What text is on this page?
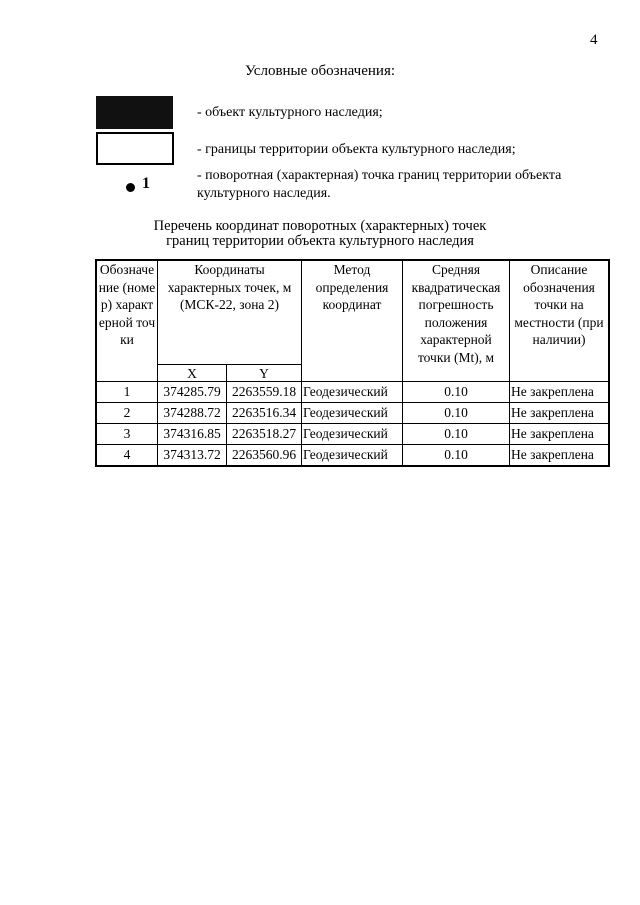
4
Условные обозначения:
- объект культурного наследия;
- границы территории объекта культурного наследия;
1	- поворотная (характерная) точка границ территории объекта культурного наследия.
Перечень координат поворотных (характерных) точек
границ территории объекта культурного наследия
Обозначение (номер) характерной точки	Координаты характерных точек, м (МСК-22, зона 2)		Метод определения координат	Средняя квадратическая погрешность положения характерной точки (Mt), м	Описание обозначения точки на местности (при наличии)
	X	Y			
1	374285.79	2263559.18	Геодезический	0.10	Не закреплена
2	374288.72	2263516.34	Геодезический	0.10	Не закреплена
3	374316.85	2263518.27	Геодезический	0.10	Не закреплена
4	374313.72	2263560.96	Геодезический	0.10	Не закреплена
